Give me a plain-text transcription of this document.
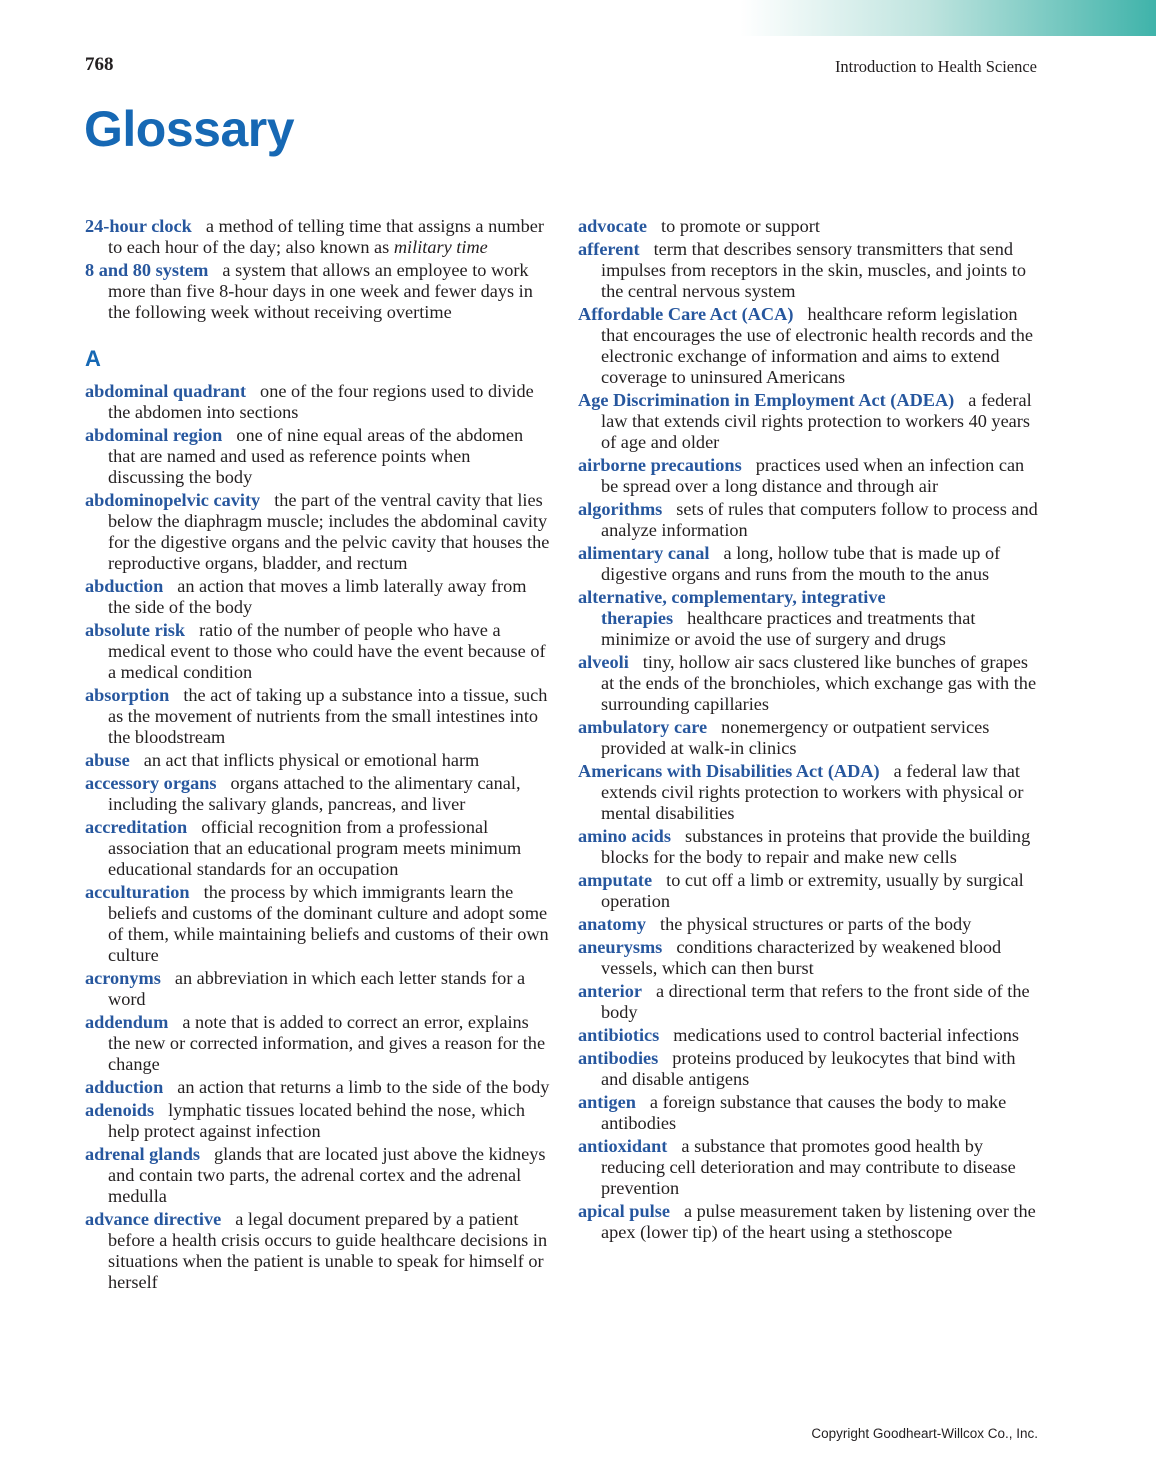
768	Introduction to Health Science
Glossary
24-hour clock a method of telling time that assigns a number to each hour of the day; also known as military time
8 and 80 system a system that allows an employee to work more than five 8-hour days in one week and fewer days in the following week without receiving overtime
A
abdominal quadrant one of the four regions used to divide the abdomen into sections
abdominal region one of nine equal areas of the abdomen that are named and used as reference points when discussing the body
abdominopelvic cavity the part of the ventral cavity that lies below the diaphragm muscle; includes the abdominal cavity for the digestive organs and the pelvic cavity that houses the reproductive organs, bladder, and rectum
abduction an action that moves a limb laterally away from the side of the body
absolute risk ratio of the number of people who have a medical event to those who could have the event because of a medical condition
absorption the act of taking up a substance into a tissue, such as the movement of nutrients from the small intestines into the bloodstream
abuse an act that inflicts physical or emotional harm
accessory organs organs attached to the alimentary canal, including the salivary glands, pancreas, and liver
accreditation official recognition from a professional association that an educational program meets minimum educational standards for an occupation
acculturation the process by which immigrants learn the beliefs and customs of the dominant culture and adopt some of them, while maintaining beliefs and customs of their own culture
acronyms an abbreviation in which each letter stands for a word
addendum a note that is added to correct an error, explains the new or corrected information, and gives a reason for the change
adduction an action that returns a limb to the side of the body
adenoids lymphatic tissues located behind the nose, which help protect against infection
adrenal glands glands that are located just above the kidneys and contain two parts, the adrenal cortex and the adrenal medulla
advance directive a legal document prepared by a patient before a health crisis occurs to guide healthcare decisions in situations when the patient is unable to speak for himself or herself
advocate to promote or support
afferent term that describes sensory transmitters that send impulses from receptors in the skin, muscles, and joints to the central nervous system
Affordable Care Act (ACA) healthcare reform legislation that encourages the use of electronic health records and the electronic exchange of information and aims to extend coverage to uninsured Americans
Age Discrimination in Employment Act (ADEA) a federal law that extends civil rights protection to workers 40 years of age and older
airborne precautions practices used when an infection can be spread over a long distance and through air
algorithms sets of rules that computers follow to process and analyze information
alimentary canal a long, hollow tube that is made up of digestive organs and runs from the mouth to the anus
alternative, complementary, integrative therapies healthcare practices and treatments that minimize or avoid the use of surgery and drugs
alveoli tiny, hollow air sacs clustered like bunches of grapes at the ends of the bronchioles, which exchange gas with the surrounding capillaries
ambulatory care nonemergency or outpatient services provided at walk-in clinics
Americans with Disabilities Act (ADA) a federal law that extends civil rights protection to workers with physical or mental disabilities
amino acids substances in proteins that provide the building blocks for the body to repair and make new cells
amputate to cut off a limb or extremity, usually by surgical operation
anatomy the physical structures or parts of the body
aneurysms conditions characterized by weakened blood vessels, which can then burst
anterior a directional term that refers to the front side of the body
antibiotics medications used to control bacterial infections
antibodies proteins produced by leukocytes that bind with and disable antigens
antigen a foreign substance that causes the body to make antibodies
antioxidant a substance that promotes good health by reducing cell deterioration and may contribute to disease prevention
apical pulse a pulse measurement taken by listening over the apex (lower tip) of the heart using a stethoscope
Copyright Goodheart-Willcox Co., Inc.
